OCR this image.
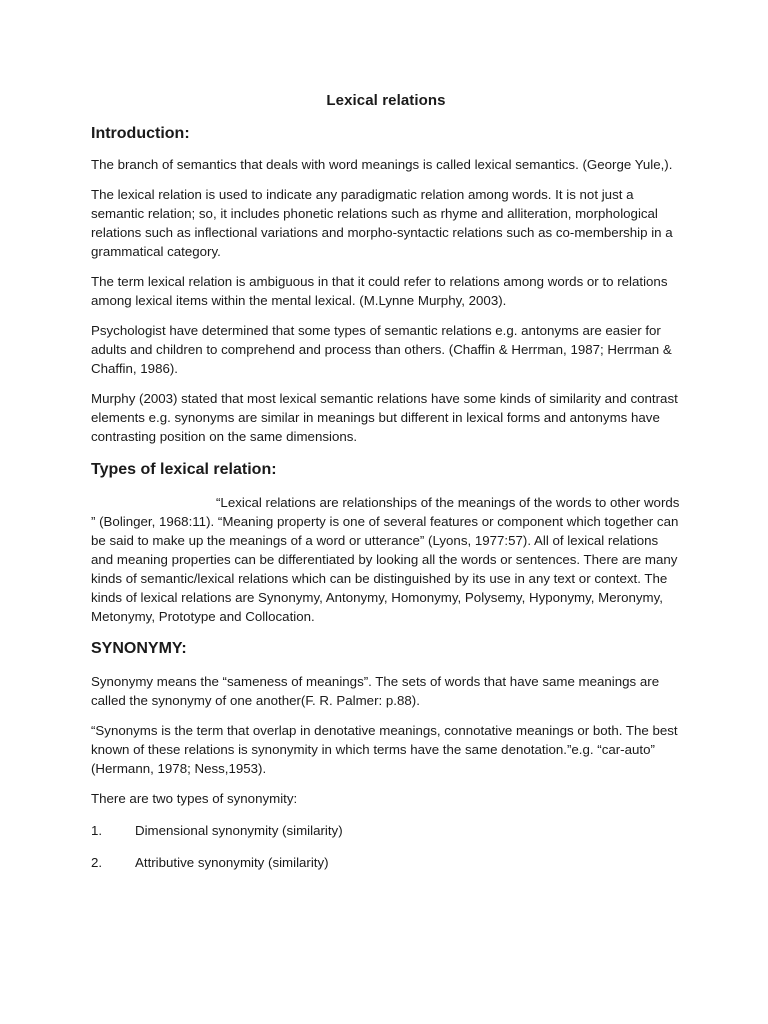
Lexical relations
Introduction:

The branch of semantics that deals with word meanings is called lexical semantics. (George Yule,).

The lexical relation is used to indicate any paradigmatic relation among words. It is not just a semantic relation; so, it includes phonetic relations such as rhyme and alliteration, morphological relations such as inflectional variations and morpho-syntactic relations such as co-membership in a grammatical category.

The term lexical relation is ambiguous in that it could refer to relations among words or to relations among lexical items within the mental lexical. (M.Lynne Murphy, 2003).

Psychologist have determined that some types of semantic relations e.g. antonyms are easier for adults and children to comprehend and process than others. (Chaffin & Herrman, 1987; Herrman & Chaffin, 1986).

Murphy (2003) stated that most lexical semantic relations have some kinds of similarity and contrast elements e.g. synonyms are similar in meanings but different in lexical forms and antonyms have contrasting position on the same dimensions.

Types of lexical relation:

“Lexical relations are relationships of the meanings of the words to other words ” (Bolinger, 1968:11). “Meaning property is one of several features or component which together can be said to make up the meanings of a word or utterance” (Lyons, 1977:57). All of lexical relations and meaning properties can be differentiated by looking all the words or sentences. There are many kinds of semantic/lexical relations which can be distinguished by its use in any text or context. The kinds of lexical relations are Synonymy, Antonymy, Homonymy, Polysemy, Hyponymy, Meronymy, Metonymy, Prototype and Collocation.

SYNONYMY:

Synonymy means the “sameness of meanings”. The sets of words that have same meanings are called the synonymy of one another(F. R. Palmer: p.88).

“Synonyms is the term that overlap in denotative meanings, connotative meanings or both. The best known of these relations is synonymity in which terms have the same denotation.”e.g. “car-auto” (Hermann, 1978; Ness,1953).

There are two types of synonymity:

1.	Dimensional synonymity (similarity)
2.	Attributive synonymity (similarity)
